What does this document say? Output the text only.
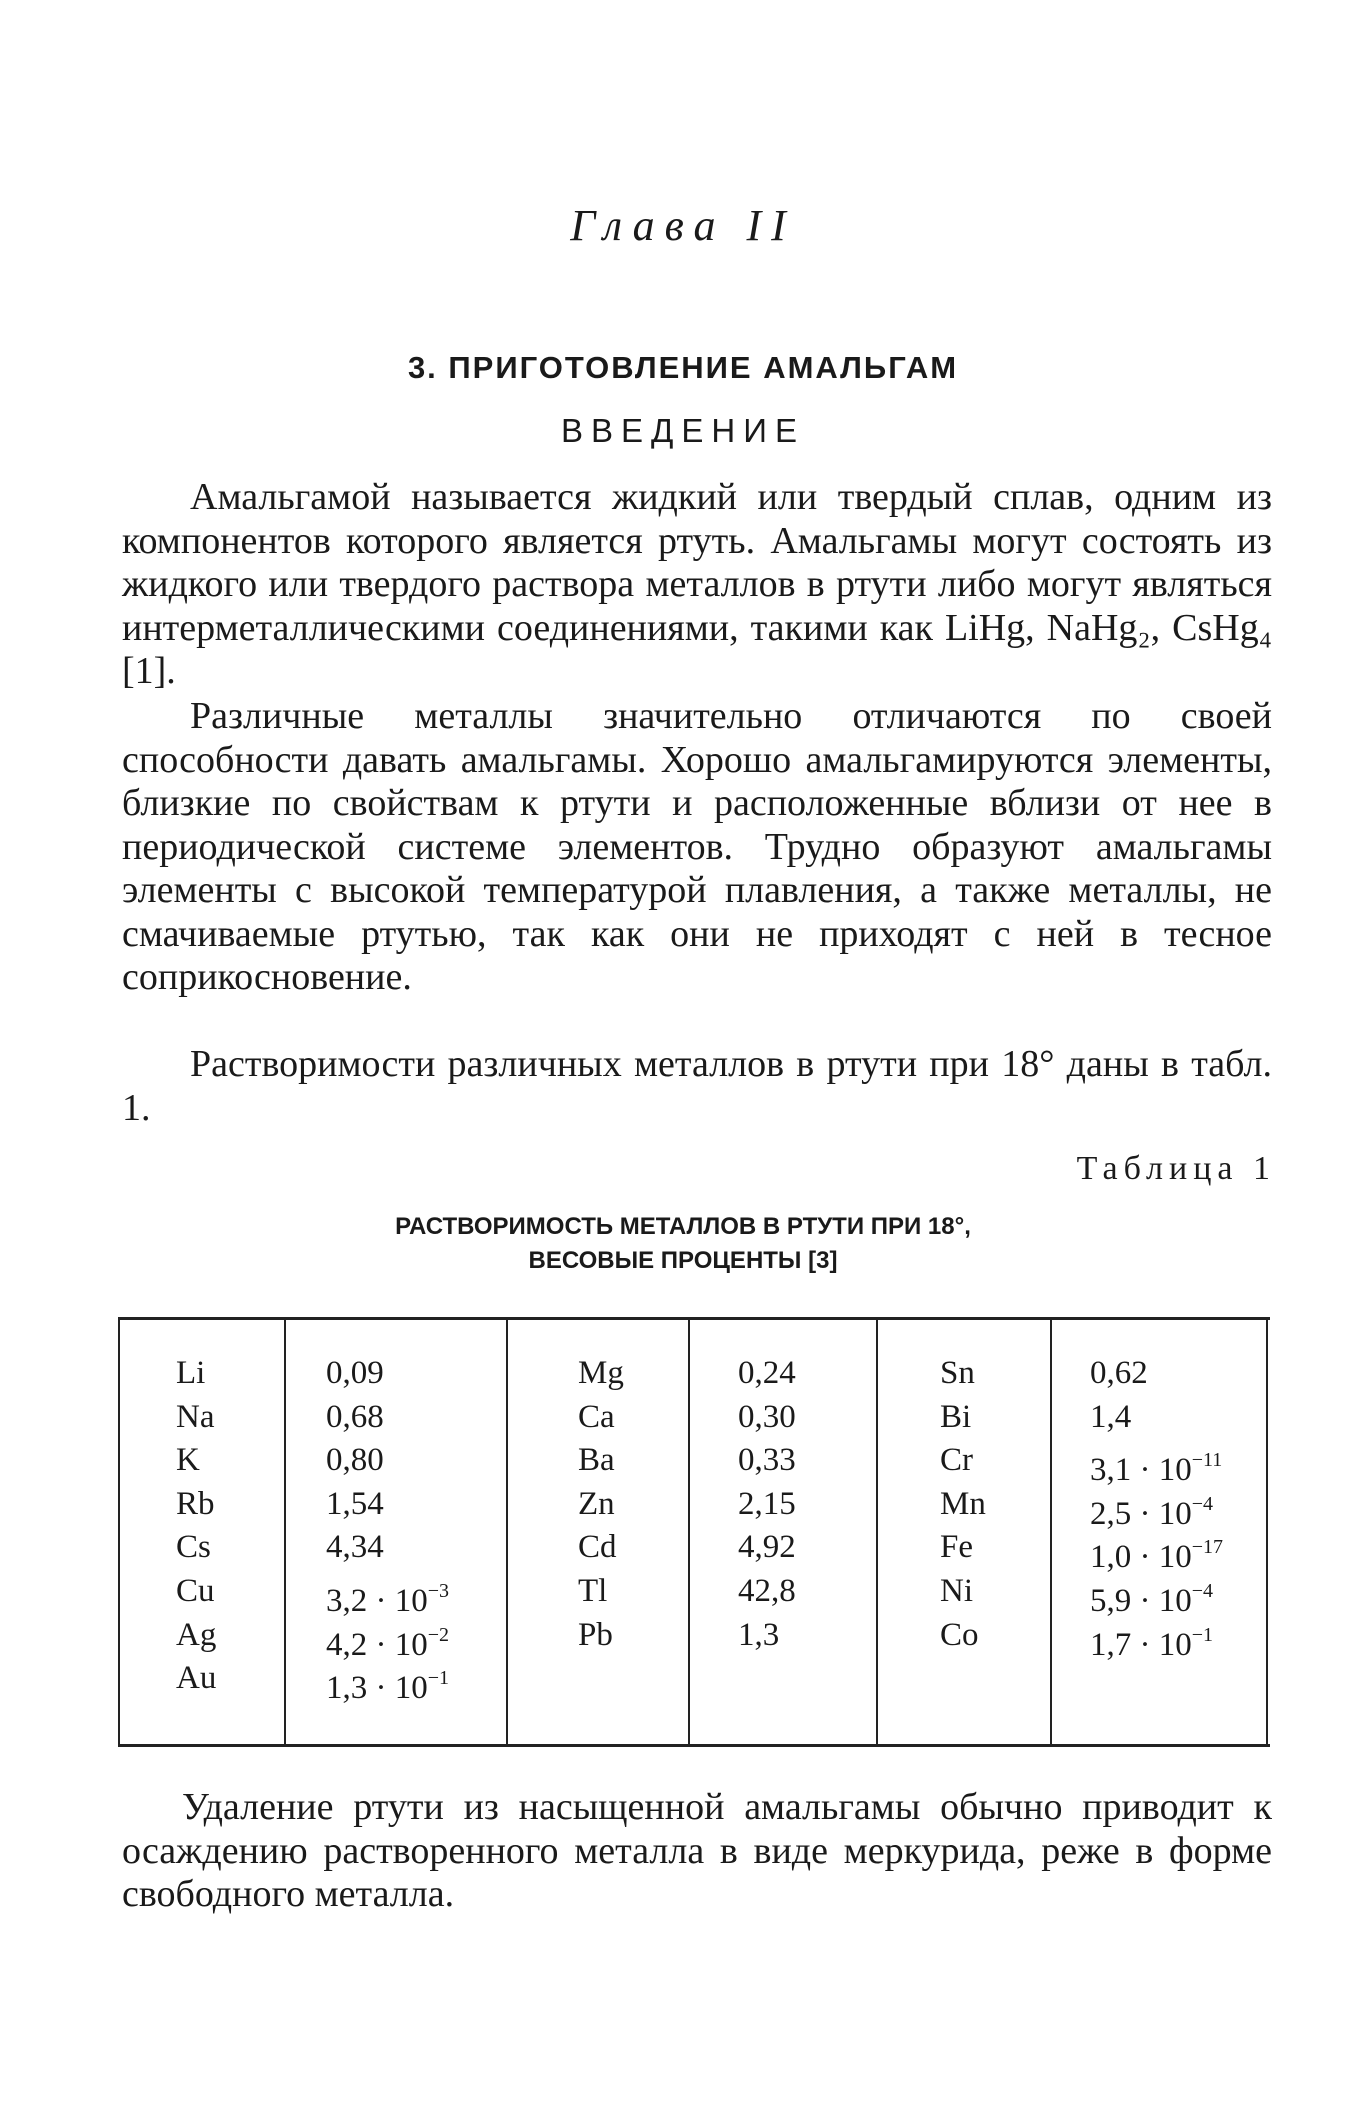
Глава II
3. ПРИГОТОВЛЕНИЕ АМАЛЬГАМ
ВВЕДЕНИЕ

Амальгамой называется жидкий или твердый сплав, одним из компонентов которого является ртуть. Амальгамы могут состоять из жидкого или твердого раствора металлов в ртути либо могут являться интерметаллическими соединениями, такими как LiHg, NaHg₂, CsHg₄ [1].

Различные металлы значительно отличаются по своей способности давать амальгамы. Хорошо амальгамируются элементы, близкие по свойствам к ртути и расположенные вблизи от нее в периодической системе элементов. Трудно образуют амальгамы элементы с высокой температурой плавления, а также металлы, не смачиваемые ртутью, так как они не приходят с ней в тесное соприкосновение.

Растворимости различных металлов в ртути при 18° даны в табл. 1.

Таблица 1
РАСТВОРИМОСТЬ МЕТАЛЛОВ В РТУТИ ПРИ 18°,
ВЕСОВЫЕ ПРОЦЕНТЫ [3]
Li
Na
K
Rb
Cs
Cu
Ag
Au
0,09
0,68
0,80
1,54
4,34
$3,2 \cdot 10^{-3}$
$4,2 \cdot 10^{-2}$
$1,3 \cdot 10^{-1}$
Mg
Ca
Ba
Zn
Cd
Tl
Pb
0,24
0,30
0,33
2,15
4,92
42,8
1,3
Sn
Bi
Cr
Mn
Fe
Ni
Co
0,62
1,4
$3,1 \cdot 10^{-11}$
$2,5 \cdot 10^{-4}$
$1,0 \cdot 10^{-17}$
$5,9 \cdot 10^{-4}$
$1,7 \cdot 10^{-1}$

Удаление ртути из насыщенной амальгамы обычно приводит к осаждению растворенного металла в виде меркурида, реже в форме свободного металла.
